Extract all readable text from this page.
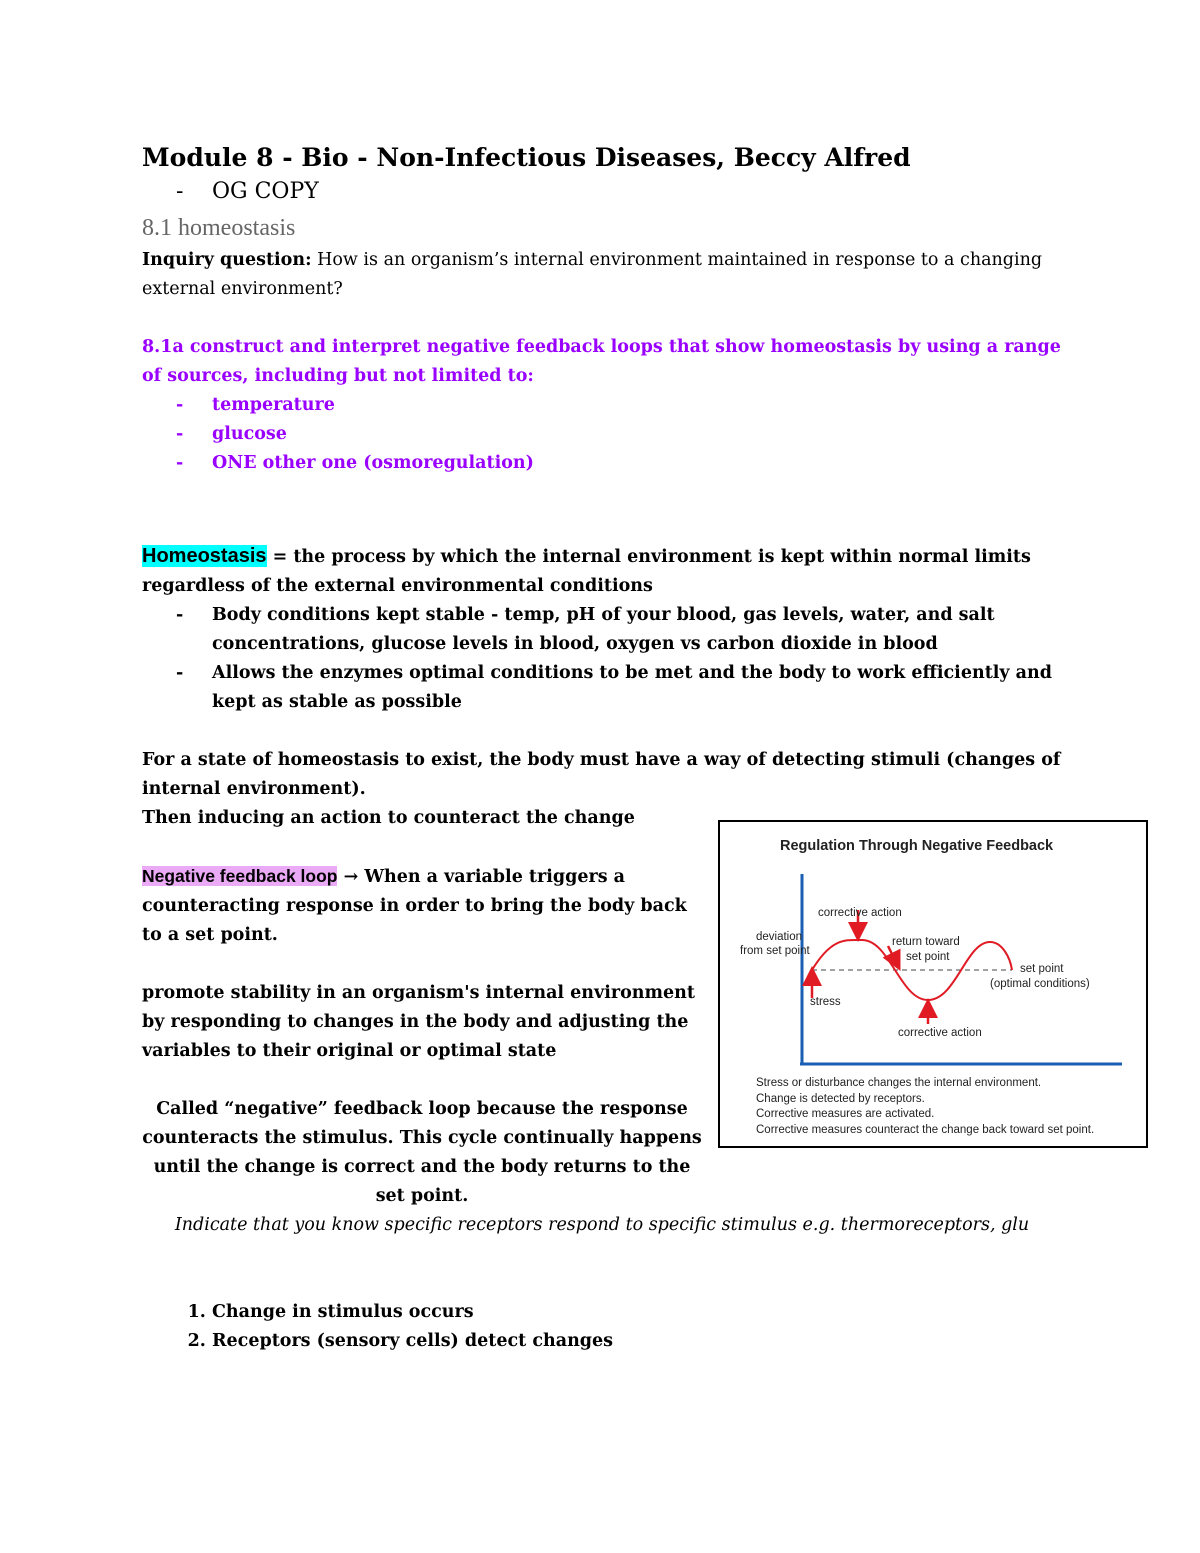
Module 8 - Bio - Non-Infectious Diseases, Beccy Alfred
- OG COPY
8.1 homeostasis
Inquiry question: How is an organism’s internal environment maintained in response to a changing external environment?
8.1a construct and interpret negative feedback loops that show homeostasis by using a range of sources, including but not limited to:
- temperature
- glucose
- ONE other one (osmoregulation)
Homeostasis = the process by which the internal environment is kept within normal limits regardless of the external environmental conditions
- Body conditions kept stable - temp, pH of your blood, gas levels, water, and salt concentrations, glucose levels in blood, oxygen vs carbon dioxide in blood
- Allows the enzymes optimal conditions to be met and the body to work efficiently and kept as stable as possible
For a state of homeostasis to exist, the body must have a way of detecting stimuli (changes of internal environment).
Then inducing an action to counteract the change
Negative feedback loop → When a variable triggers a counteracting response in order to bring the body back to a set point.
promote stability in an organism's internal environment by responding to changes in the body and adjusting the variables to their original or optimal state
Called “negative” feedback loop because the response counteracts the stimulus. This cycle continually happens until the change is correct and the body returns to the set point.
Indicate that you know specific receptors respond to specific stimulus e.g. thermoreceptors, glu
1. Change in stimulus occurs
2. Receptors (sensory cells) detect changes
Regulation Through Negative Feedback
corrective action
deviation
from set point
return toward
set point
set point
(optimal conditions)
stress
corrective action
Stress or disturbance changes the internal environment.
Change is detected by receptors.
Corrective measures are activated.
Corrective measures counteract the change back toward set point.
